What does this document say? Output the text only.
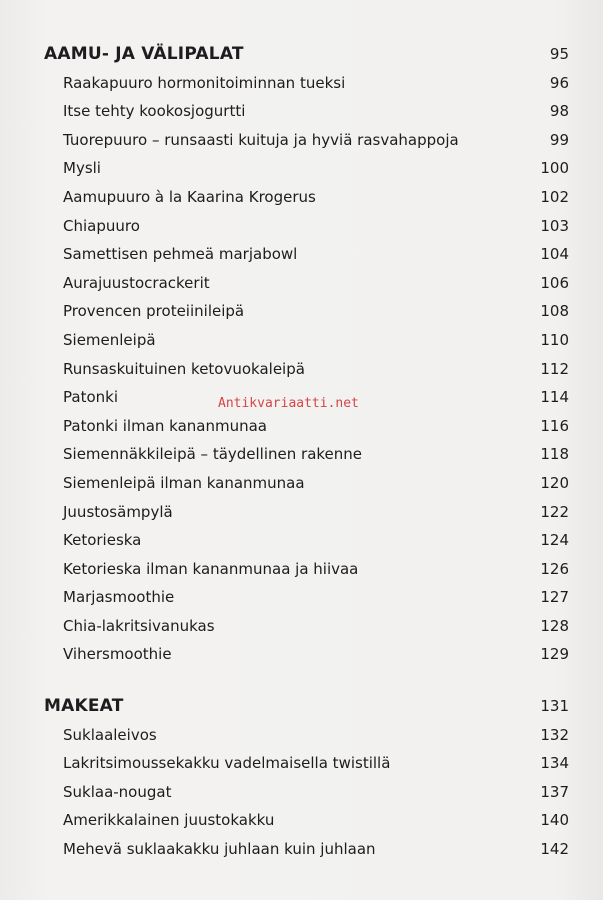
AAMU- JA VÄLIPALAT	95
Raakapuuro hormonitoiminnan tueksi	96
Itse tehty kookosjogurtti	98
Tuorepuuro – runsaasti kuituja ja hyviä rasvahappoja	99
Mysli	100
Aamupuuro à la Kaarina Krogerus	102
Chiapuuro	103
Samettisen pehmeä marjabowl	104
Aurajuustocrackerit	106
Provencen proteiinileipä	108
Siemenleipä	110
Runsaskuituinen ketovuokaleipä	112
Patonki	114
Patonki ilman kananmunaa	116
Siemennäkkileipä – täydellinen rakenne	118
Siemenleipä ilman kananmunaa	120
Juustosämpylä	122
Ketorieska	124
Ketorieska ilman kananmunaa ja hiivaa	126
Marjasmoothie	127
Chia-lakritsivanukas	128
Vihersmoothie	129
MAKEAT	131
Suklaaleivos	132
Lakritsimoussekakku vadelmaisella twistillä	134
Suklaa-nougat	137
Amerikkalainen juustokakku	140
Mehevä suklaakakku juhlaan kuin juhlaan	142
Antikvariaatti.net
